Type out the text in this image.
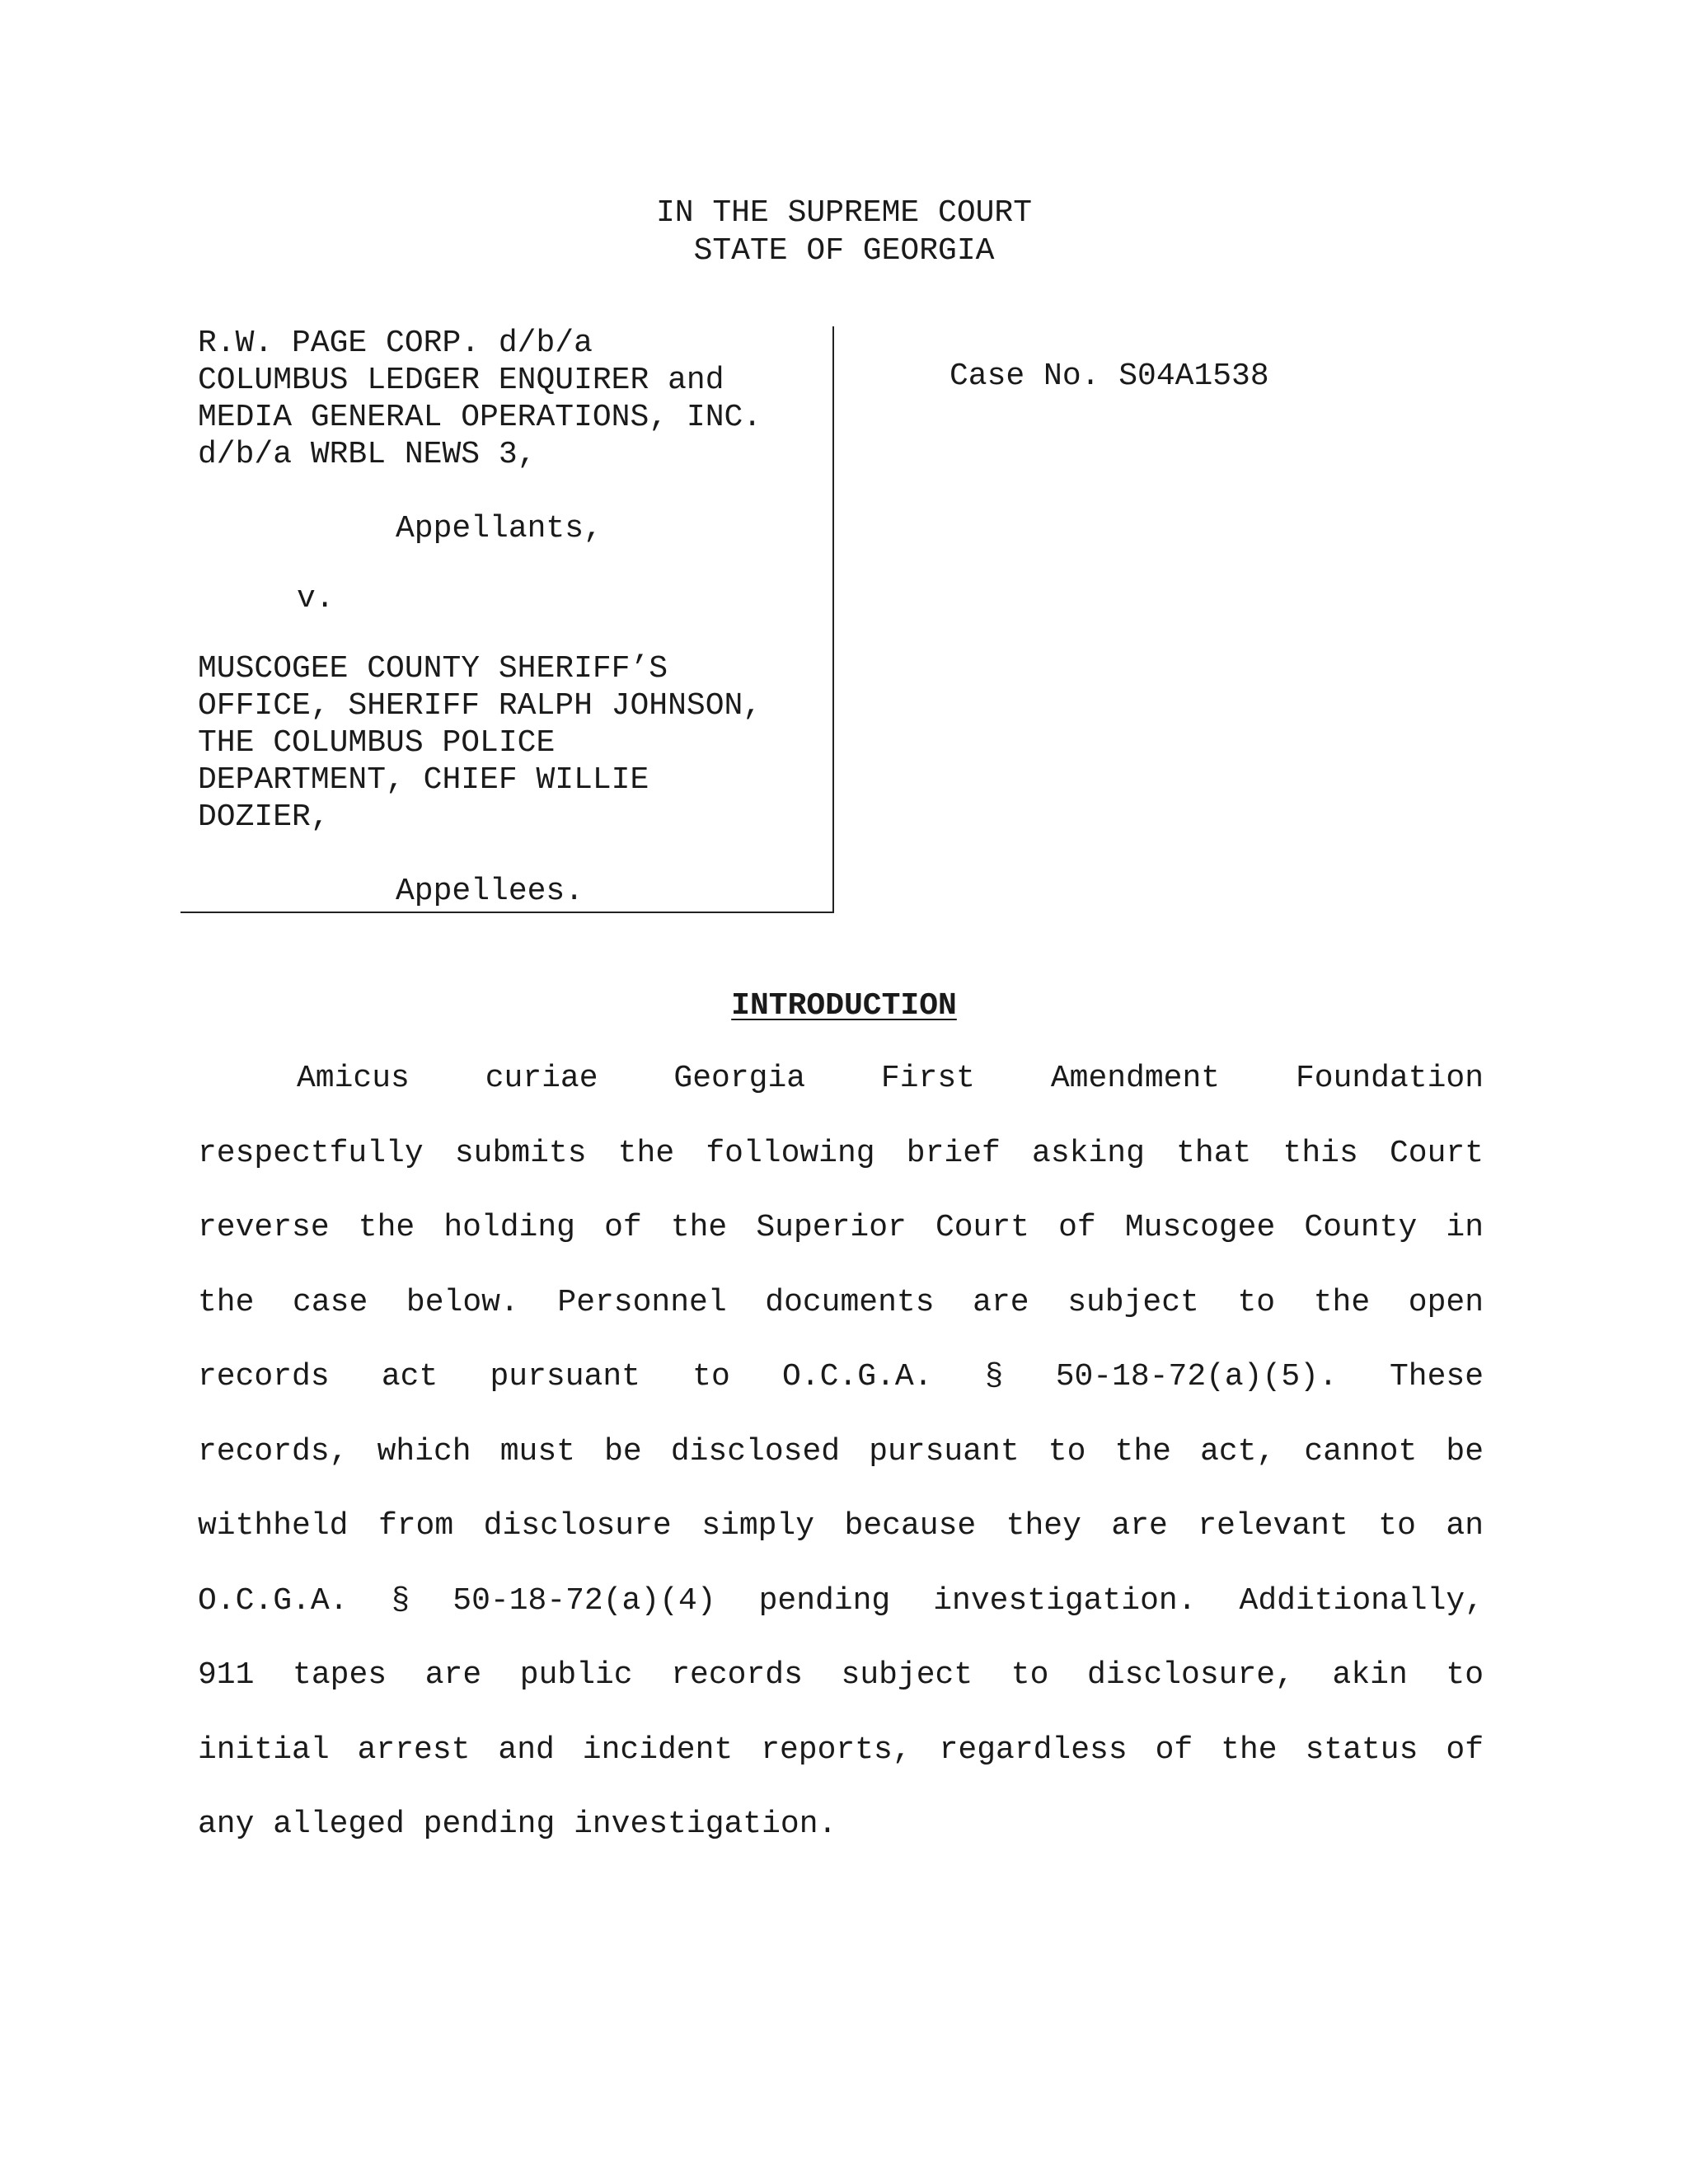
IN THE SUPREME COURT
STATE OF GEORGIA
R.W. PAGE CORP. d/b/a
COLUMBUS LEDGER ENQUIRER and
MEDIA GENERAL OPERATIONS, INC.
d/b/a WRBL NEWS 3,
Appellants,
v.
MUSCOGEE COUNTY SHERIFF’S
OFFICE, SHERIFF RALPH JOHNSON,
THE COLUMBUS POLICE
DEPARTMENT, CHIEF WILLIE
DOZIER,
Appellees.
Case No. S04A1538
INTRODUCTION
Amicus curiae Georgia First Amendment Foundation
respectfully submits the following brief asking that this Court
reverse the holding of the Superior Court of Muscogee County in
the case below. Personnel documents are subject to the open
records act pursuant to O.C.G.A. § 50-18-72(a)(5). These
records, which must be disclosed pursuant to the act, cannot be
withheld from disclosure simply because they are relevant to an
O.C.G.A. § 50-18-72(a)(4) pending investigation. Additionally,
911 tapes are public records subject to disclosure, akin to
initial arrest and incident reports, regardless of the status of
any alleged pending investigation.
